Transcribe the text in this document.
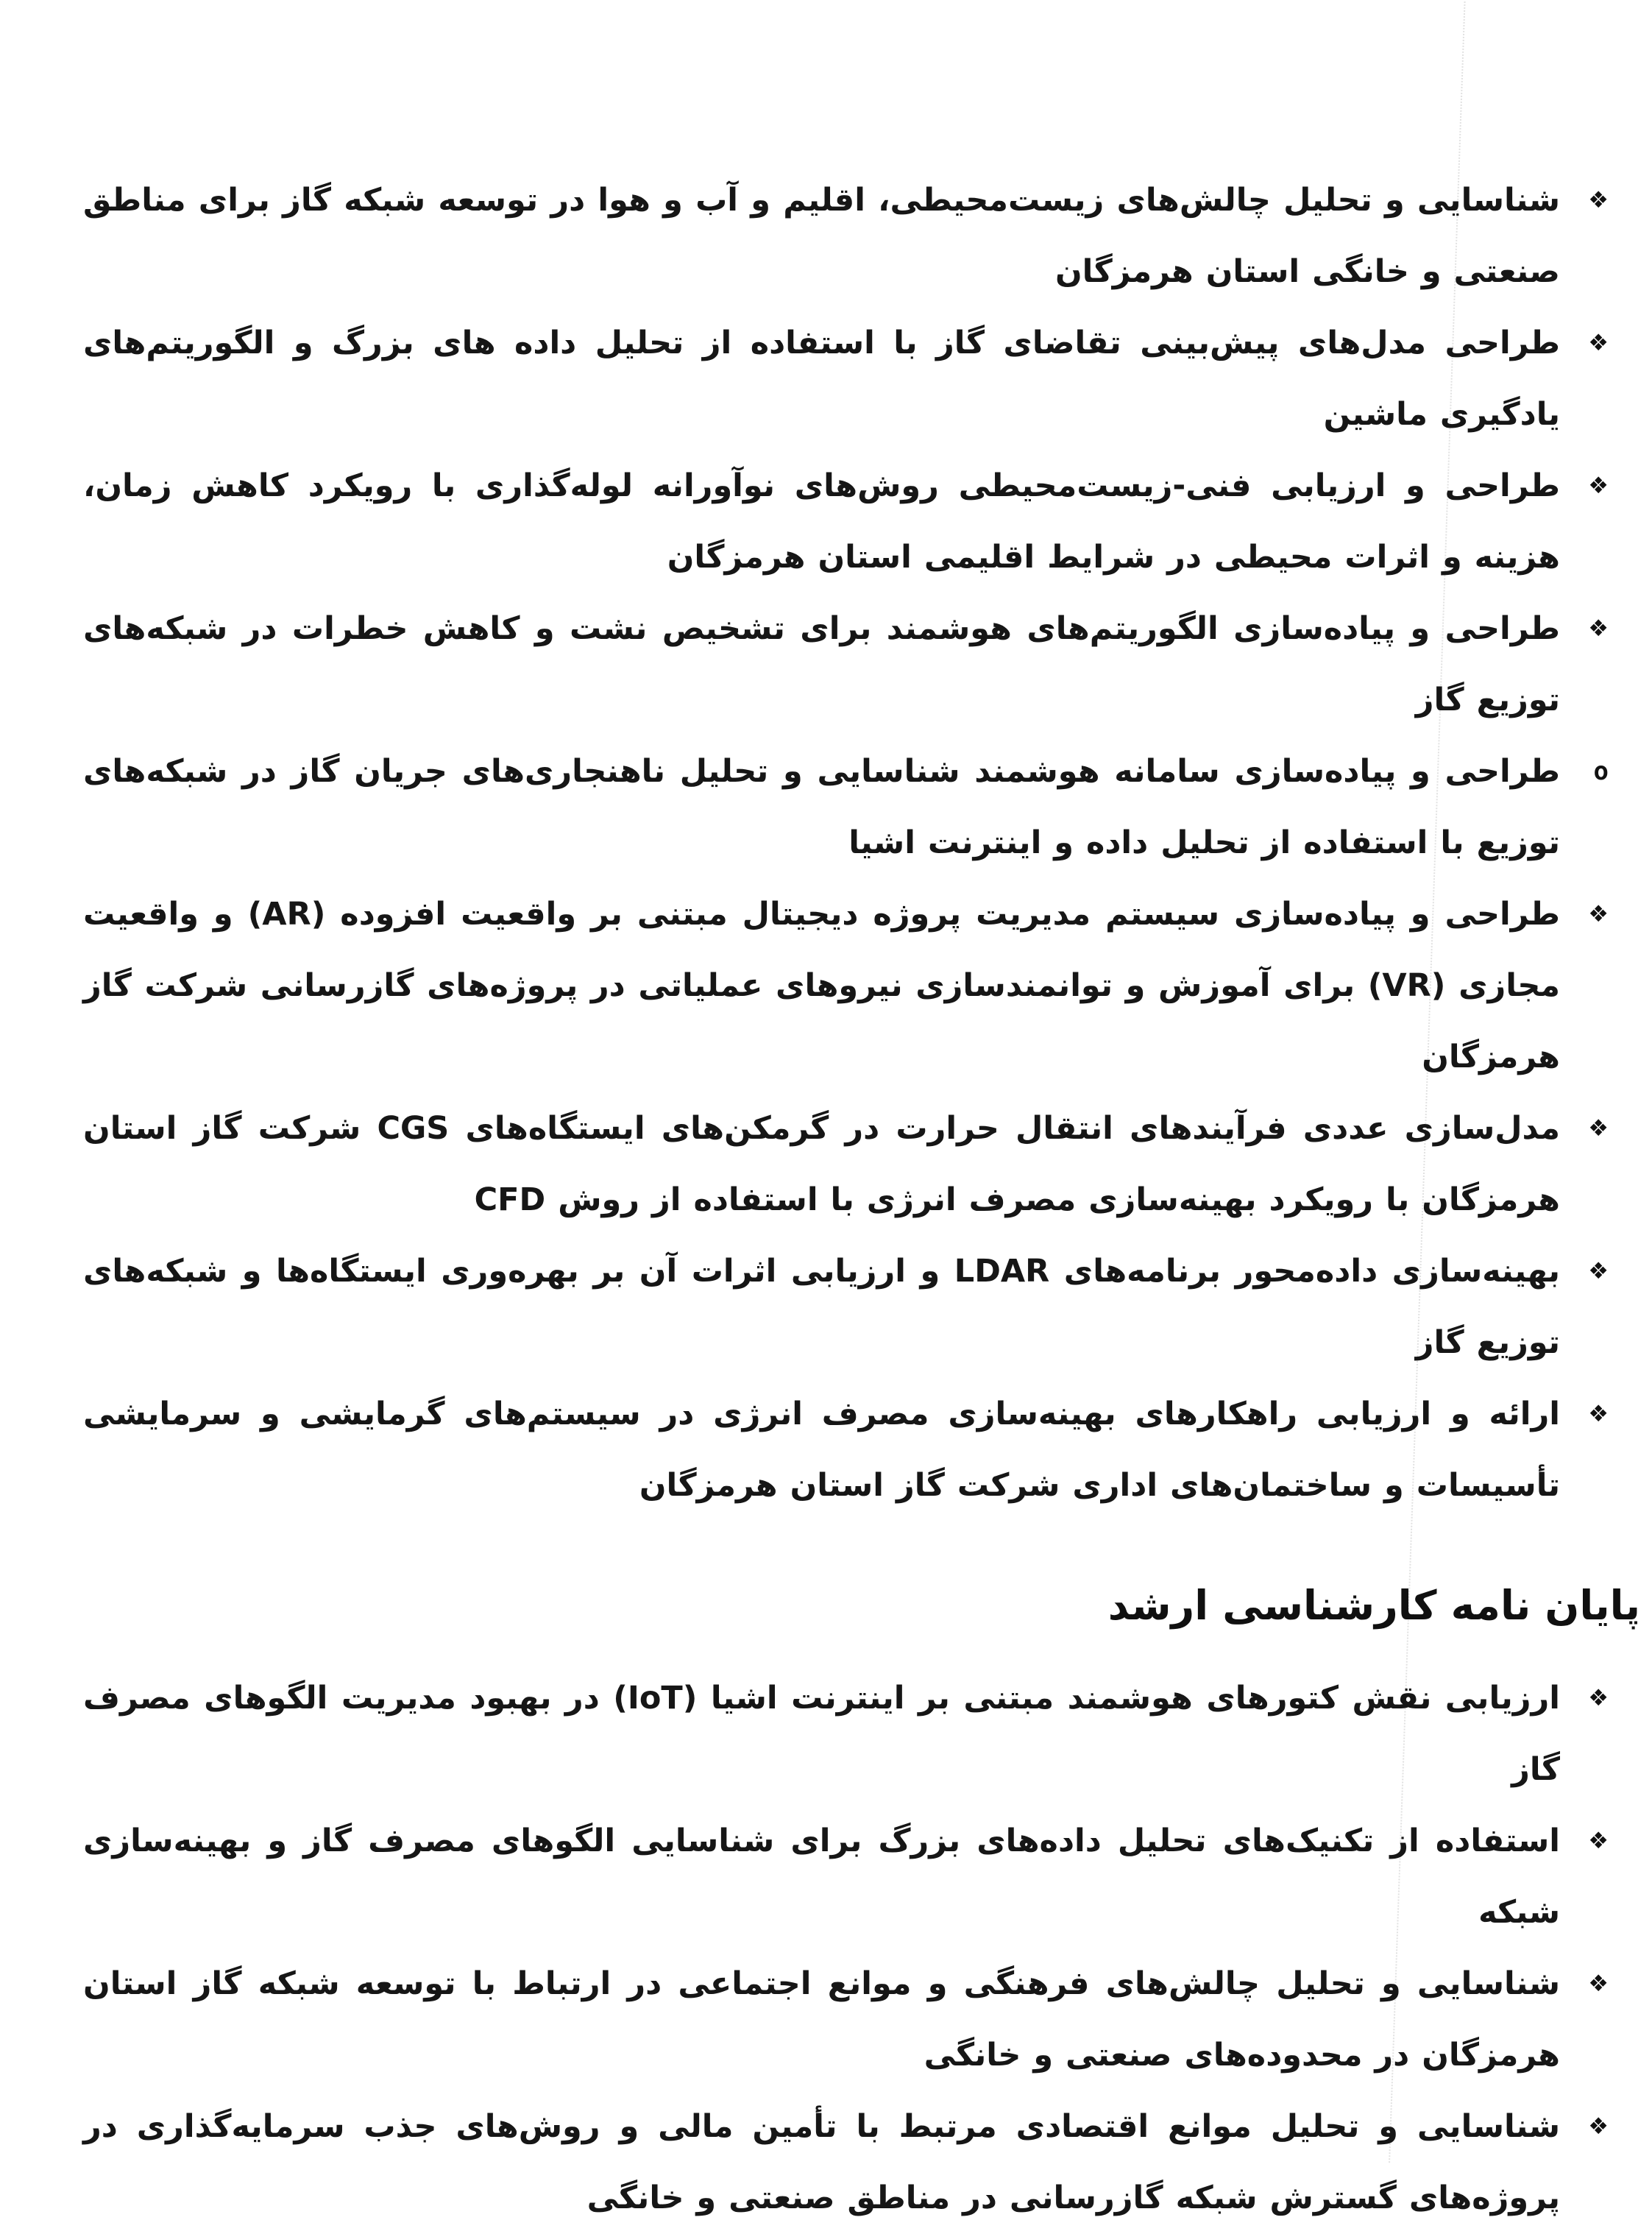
❖
شناسایی و تحلیل چالش‌های زیست‌محیطی، اقلیم و آب و هوا در توسعه شبکه گاز برای مناطق صنعتی و خانگی استان هرمزگان
❖
طراحی مدل‌های پیش‌بینی تقاضای گاز با استفاده از تحلیل داده های بزرگ و الگوریتم‌های یادگیری ماشین
❖
طراحی و ارزیابی فنی-زیست‌محیطی روش‌های نوآورانه لوله‌گذاری با رویکرد کاهش زمان، هزینه و اثرات محیطی در شرایط اقلیمی استان هرمزگان
❖
طراحی و پیاده‌سازی الگوریتم‌های هوشمند برای تشخیص نشت و کاهش خطرات در شبکه‌های توزیع گاز
o
طراحی و پیاده‌سازی سامانه هوشمند شناسایی و تحلیل ناهنجاری‌های جریان گاز در شبکه‌های توزیع با استفاده از تحلیل داده و اینترنت اشیا
❖
طراحی و پیاده‌سازی سیستم مدیریت پروژه دیجیتال مبتنی بر واقعیت افزوده (AR) و واقعیت مجازی (VR) برای آموزش و توانمندسازی نیروهای عملیاتی در پروژه‌های گازرسانی شرکت گاز هرمزگان
❖
مدل‌سازی عددی فرآیندهای انتقال حرارت در گرمکن‌های ایستگاه‌های CGS شرکت گاز استان هرمزگان با رویکرد بهینه‌سازی مصرف انرژی با استفاده از روش CFD
❖
بهینه‌سازی داده‌محور برنامه‌های LDAR و ارزیابی اثرات آن بر بهره‌وری ایستگاه‌ها و شبکه‌های توزیع گاز
❖
ارائه و ارزیابی راهکارهای بهینه‌سازی مصرف انرژی در سیستم‌های گرمایشی و سرمایشی تأسیسات و ساختمان‌های اداری شرکت گاز استان هرمزگان
پایان نامه کارشناسی ارشد
❖
ارزیابی نقش کتورهای هوشمند مبتنی بر اینترنت اشیا (IoT) در بهبود مدیریت الگوهای مصرف گاز
❖
استفاده از تکنیک‌های تحلیل داده‌های بزرگ برای شناسایی الگوهای مصرف گاز و بهینه‌سازی شبکه
❖
شناسایی و تحلیل چالش‌های فرهنگی و موانع اجتماعی در ارتباط با توسعه شبکه گاز استان هرمزگان در محدوده‌های صنعتی و خانگی
❖
شناسایی و تحلیل موانع اقتصادی مرتبط با تأمین مالی و روش‌های جذب سرمایه‌گذاری در پروژه‌های گسترش شبکه گازرسانی در مناطق صنعتی و خانگی
